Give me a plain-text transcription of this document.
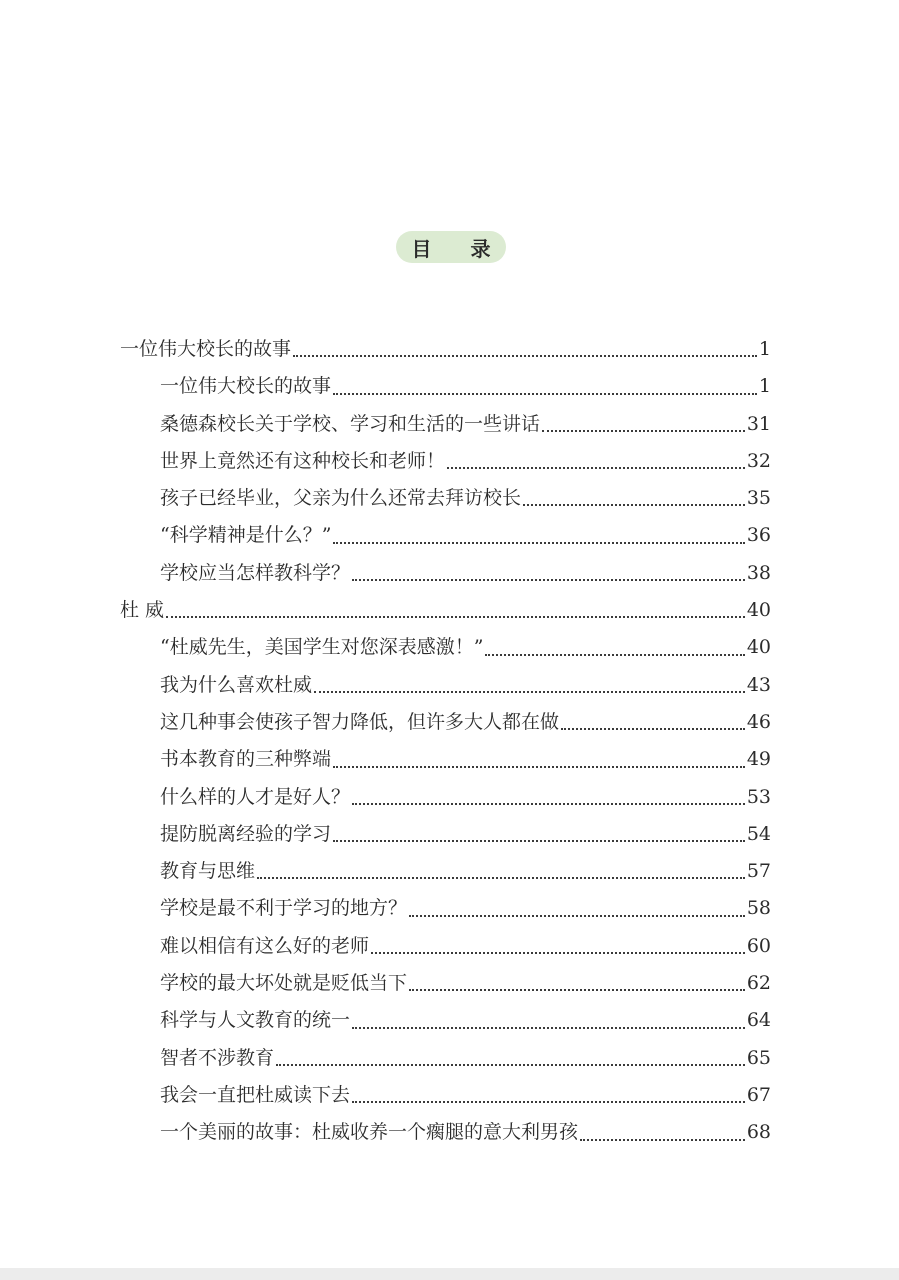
目 录
一位伟大校长的故事	1
一位伟大校长的故事	1
桑德森校长关于学校、学习和生活的一些讲话	31
世界上竟然还有这种校长和老师！	32
孩子已经毕业，父亲为什么还常去拜访校长	35
“科学精神是什么？”	36
学校应当怎样教科学？	38
杜 威	40
“杜威先生，美国学生对您深表感激！”	40
我为什么喜欢杜威	43
这几种事会使孩子智力降低，但许多大人都在做	46
书本教育的三种弊端	49
什么样的人才是好人？	53
提防脱离经验的学习	54
教育与思维	57
学校是最不利于学习的地方？	58
难以相信有这么好的老师	60
学校的最大坏处就是贬低当下	62
科学与人文教育的统一	64
智者不涉教育	65
我会一直把杜威读下去	67
一个美丽的故事：杜威收养一个瘸腿的意大利男孩	68
